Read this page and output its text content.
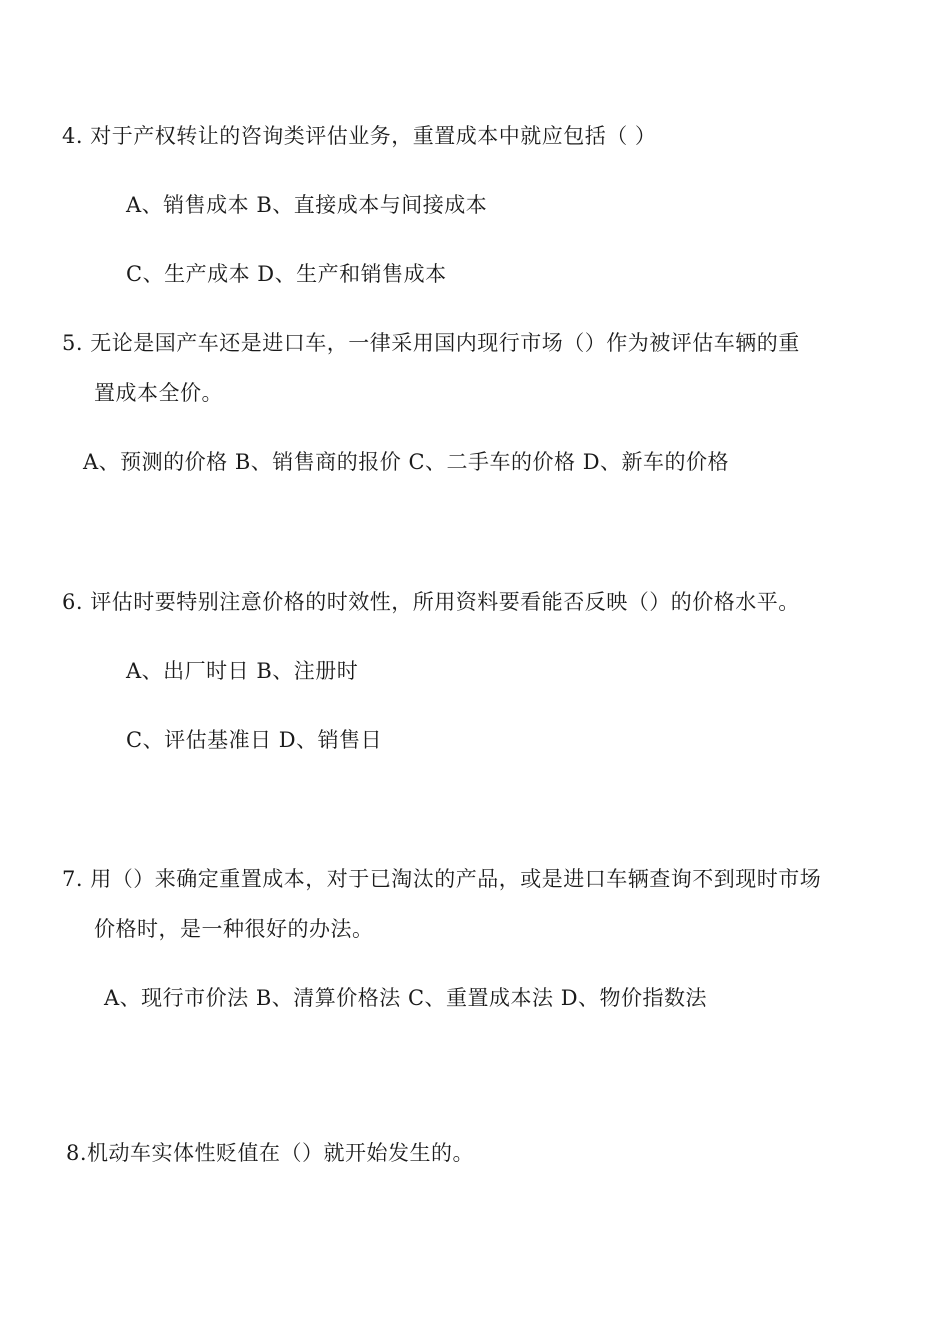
4. 对于产权转让的咨询类评估业务，重置成本中就应包括（ ）
A、销售成本 B、直接成本与间接成本
C、生产成本 D、生产和销售成本
5. 无论是国产车还是进口车，一律采用国内现行市场（）作为被评估车辆的重
置成本全价。
A、预测的价格 B、销售商的报价 C、二手车的价格 D、新车的价格
6. 评估时要特别注意价格的时效性，所用资料要看能否反映（）的价格水平。
A、出厂时日 B、注册时
C、评估基准日 D、销售日
7. 用（）来确定重置成本，对于已淘汰的产品，或是进口车辆查询不到现时市场
价格时，是一种很好的办法。
A、现行市价法 B、清算价格法 C、重置成本法 D、物价指数法
8.机动车实体性贬值在（）就开始发生的。
